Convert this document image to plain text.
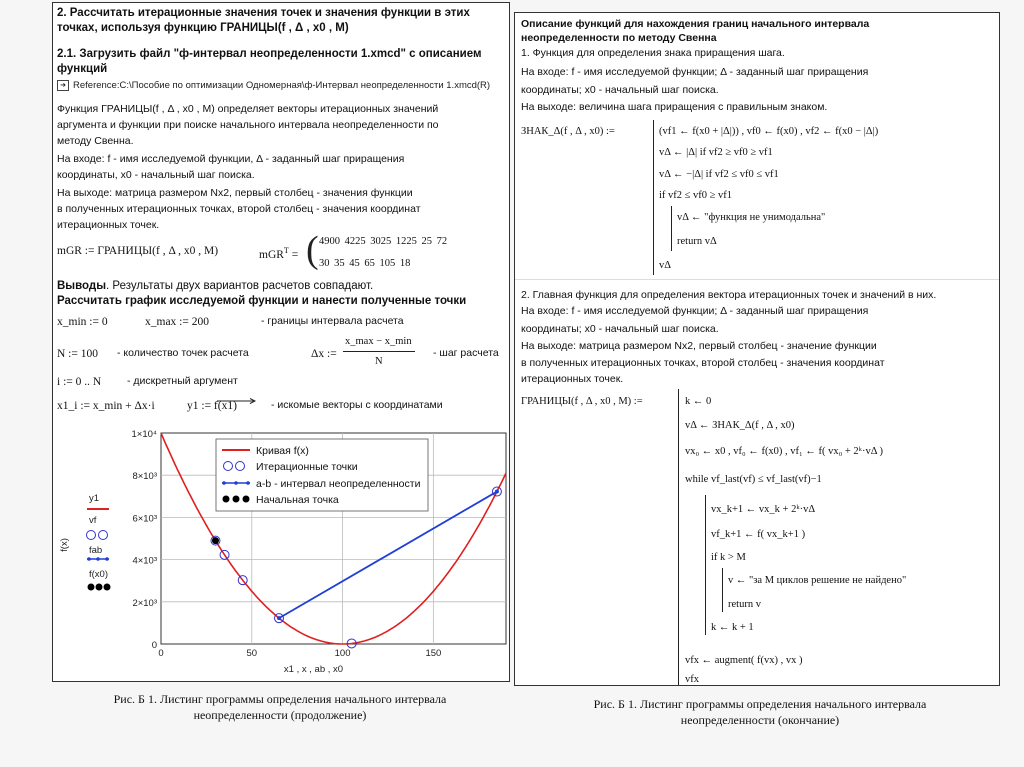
2. Рассчитать итерационные значения точек и значения функции в этих
точках, используя функцию ГРАНИЦЫ(f , Δ , x0 , M)
2.1. Загрузить файл "ф-интервал неопределенности 1.xmcd" с описанием
функций
➜ Reference:C:\Пособие по оптимизации Одномерная\ф-Интервал неопределенности 1.xmcd(R)
Функция ГРАНИЦЫ(f , Δ , x0 , M) определяет векторы итерационных значений
аргумента и функции при поиске начального интервала неопределенности по
методу Свенна.
На входе: f - имя исследуемой функции, Δ - заданный шаг приращения
координаты, x0 - начальный шаг поиска.
На выходе: матрица размером Nx2, первый столбец - значения функции
в полученных итерационных точках, второй столбец - значения координат
итерационных точек.
mGR := ГРАНИЦЫ(f , Δ , x0 , M)	mGR$^T$ = ( 4900 4225 3025 1225 25 72
30 35 45 65 105 18
Выводы. Результаты двух вариантов расчетов совпадают.
Рассчитать график исследуемой функции и нанести полученные точки
x_min := 0	x_max := 200	- границы интервала расчета
N := 100 - количество точек расчета	Δx :=
x_max − x_min
N
- шаг расчета
i := 0 .. N - дискретный аргумент
x1_i := x_min + Δx·i	y1 := f(x1)	- искомые векторы с координатами
0	50	100	150
0
2×10³
4×10³
6×10³
8×10³
1×10⁴
x1 , x , ab , x0
f(x)
y1
vf
fab
f(x0)
Кривая f(x)
Итерационные точки
a-b - интервал неопределенности
Начальная точка
Рис. Б 1. Листинг программы определения начального интервала
неопределенности (продолжение)
Описание функций для нахождения границ начального интервала
неопределенности по методу Свенна
1. Функция для определения знака приращения шага.
На входе: f - имя исследуемой функции; Δ - заданный шаг приращения
координаты; x0 - начальный шаг поиска.
На выходе: величина шага приращения с правильным знаком.
ЗНАК_Δ(f , Δ , x0) :=	(vf1 ← f(x0 + |Δ|)) , vf0 ← f(x0) , vf2 ← f(x0 − |Δ|)
vΔ ← |Δ| if vf2 ≥ vf0 ≥ vf1
vΔ ← −|Δ| if vf2 ≤ vf0 ≤ vf1
if vf2 ≤ vf0 ≥ vf1
vΔ ← "функция не унимодальна"
return vΔ
vΔ
2. Главная функция для определения вектора итерационных точек и значений в них.
На входе: f - имя исследуемой функции; Δ - заданный шаг приращения
координаты; x0 - начальный шаг поиска.
На выходе: матрица размером Nx2, первый столбец - значение функции
в полученных итерационных точках, второй столбец - значения координат
итерационных точек.
ГРАНИЦЫ(f , Δ , x0 , M) :=	k ← 0
vΔ ← ЗНАК_Δ(f , Δ , x0)
vx₀ ← x0 , vf₀ ← f(x0) , vf₁ ← f( vx₀ + 2ᵏ·vΔ )
while vf_last(vf) ≤ vf_last(vf)−1
vx_k+1 ← vx_k + 2ᵏ·vΔ
vf_k+1 ← f( vx_k+1 )
if k > M
v ← "за M циклов решение не найдено"
return v
k ← k + 1
vfx ← augment( f(vx) , vx )
vfx
Рис. Б 1. Листинг программы определения начального интервала
неопределенности (окончание)
